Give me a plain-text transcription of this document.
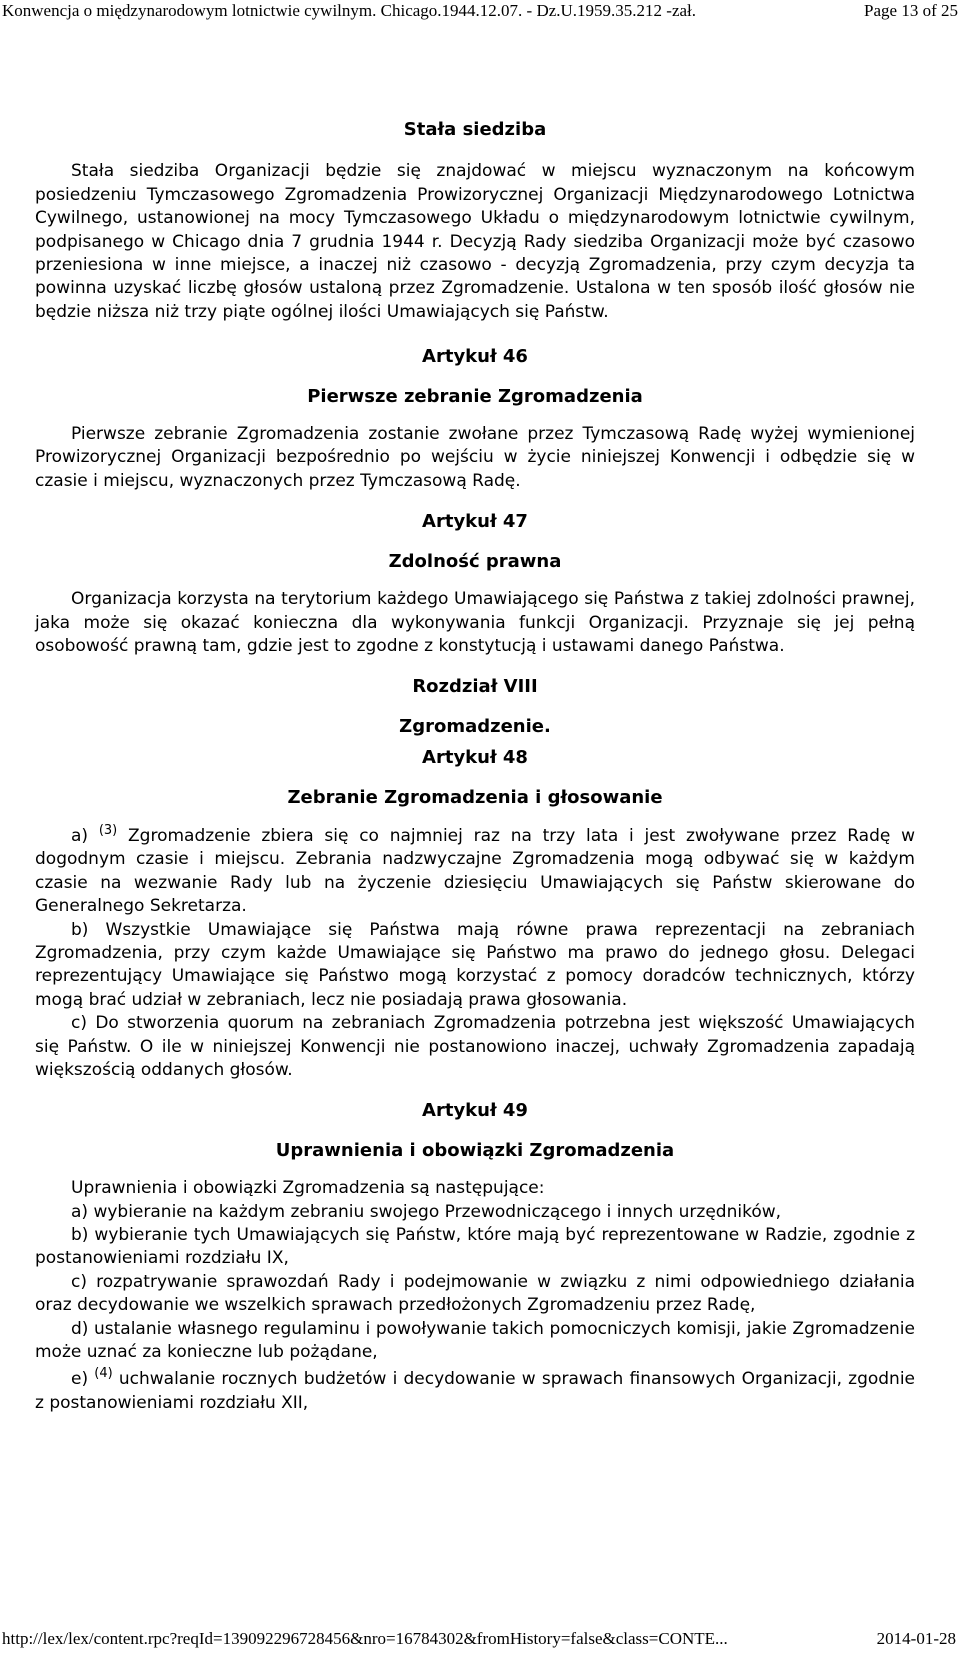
Konwencja o międzynarodowym lotnictwie cywilnym. Chicago.1944.12.07. - Dz.U.1959.35.212 -zał.	Page 13 of 25

Stała siedziba

Stała siedziba Organizacji będzie się znajdować w miejscu wyznaczonym na końcowym posiedzeniu Tymczasowego Zgromadzenia Prowizorycznej Organizacji Międzynarodowego Lotnictwa Cywilnego, ustanowionej na mocy Tymczasowego Układu o międzynarodowym lotnictwie cywilnym, podpisanego w Chicago dnia 7 grudnia 1944 r. Decyzją Rady siedziba Organizacji może być czasowo przeniesiona w inne miejsce, a inaczej niż czasowo - decyzją Zgromadzenia, przy czym decyzja ta powinna uzyskać liczbę głosów ustaloną przez Zgromadzenie. Ustalona w ten sposób ilość głosów nie będzie niższa niż trzy piąte ogólnej ilości Umawiających się Państw.

Artykuł 46

Pierwsze zebranie Zgromadzenia

Pierwsze zebranie Zgromadzenia zostanie zwołane przez Tymczasową Radę wyżej wymienionej Prowizorycznej Organizacji bezpośrednio po wejściu w życie niniejszej Konwencji i odbędzie się w czasie i miejscu, wyznaczonych przez Tymczasową Radę.

Artykuł 47

Zdolność prawna

Organizacja korzysta na terytorium każdego Umawiającego się Państwa z takiej zdolności prawnej, jaka może się okazać konieczna dla wykonywania funkcji Organizacji. Przyznaje się jej pełną osobowość prawną tam, gdzie jest to zgodne z konstytucją i ustawami danego Państwa.

Rozdział VIII

Zgromadzenie.

Artykuł 48

Zebranie Zgromadzenia i głosowanie

a) $^{(3)}$ Zgromadzenie zbiera się co najmniej raz na trzy lata i jest zwoływane przez Radę w dogodnym czasie i miejscu. Zebrania nadzwyczajne Zgromadzenia mogą odbywać się w każdym czasie na wezwanie Rady lub na życzenie dziesięciu Umawiających się Państw skierowane do Generalnego Sekretarza.

b) Wszystkie Umawiające się Państwa mają równe prawa reprezentacji na zebraniach Zgromadzenia, przy czym każde Umawiające się Państwo ma prawo do jednego głosu. Delegaci reprezentujący Umawiające się Państwo mogą korzystać z pomocy doradców technicznych, którzy mogą brać udział w zebraniach, lecz nie posiadają prawa głosowania.

c) Do stworzenia quorum na zebraniach Zgromadzenia potrzebna jest większość Umawiających się Państw. O ile w niniejszej Konwencji nie postanowiono inaczej, uchwały Zgromadzenia zapadają większością oddanych głosów.

Artykuł 49

Uprawnienia i obowiązki Zgromadzenia

Uprawnienia i obowiązki Zgromadzenia są następujące:

a) wybieranie na każdym zebraniu swojego Przewodniczącego i innych urzędników,

b) wybieranie tych Umawiających się Państw, które mają być reprezentowane w Radzie, zgodnie z postanowieniami rozdziału IX,

c) rozpatrywanie sprawozdań Rady i podejmowanie w związku z nimi odpowiedniego działania oraz decydowanie we wszelkich sprawach przedłożonych Zgromadzeniu przez Radę,

d) ustalanie własnego regulaminu i powoływanie takich pomocniczych komisji, jakie Zgromadzenie może uznać za konieczne lub pożądane,

e) $^{(4)}$ uchwalanie rocznych budżetów i decydowanie w sprawach finansowych Organizacji, zgodnie z postanowieniami rozdziału XII,

http://lex/lex/content.rpc?reqId=139092296728456&nro=16784302&fromHistory=false&class=CONTE...	2014-01-28
